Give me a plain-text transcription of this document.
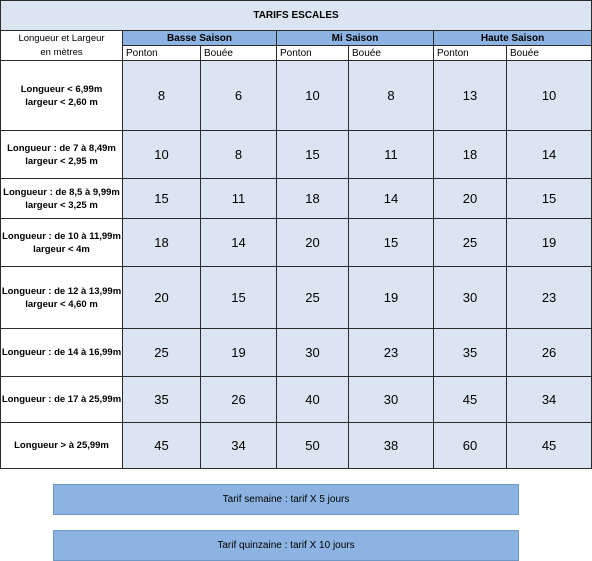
TARIFS ESCALES						

Longueur et Largeur
en mètres	Basse Saison		Mi Saison		Haute Saison	
	Ponton	Bouée	Ponton	Bouée	Ponton	Bouée

Longueur < 6,99m
largeur < 2,60 m	8	6	10	8	13	10

Longueur : de 7 à 8,49m
largeur < 2,95 m	10	8	15	11	18	14

Longueur : de 8,5 à 9,99m
largeur < 3,25 m	15	11	18	14	20	15

Longueur : de 10 à 11,99m
largeur < 4m	18	14	20	15	25	19

Longueur : de 12 à 13,99m
largeur < 4,60 m	20	15	25	19	30	23
Longueur : de 14 à 16,99m	25	19	30	23	35	26
Longueur : de 17 à 25,99m	35	26	40	30	45	34
Longueur > à 25,99m	45	34	50	38	60	45
Tarif semaine : tarif X 5 jours
Tarif quinzaine : tarif X 10 jours
